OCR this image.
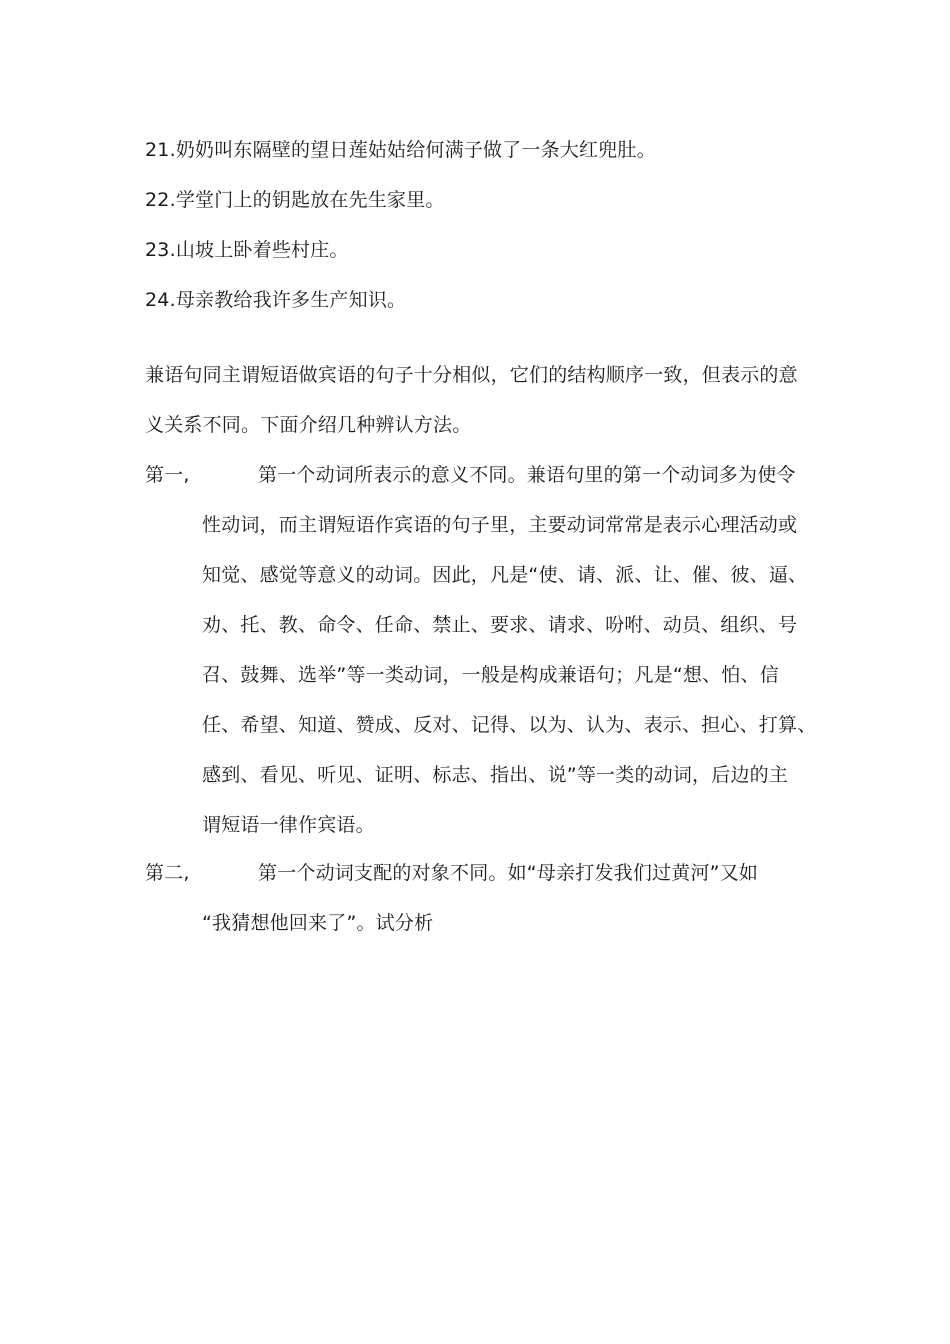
21.奶奶叫东隔壁的望日莲姑姑给何满子做了一条大红兜肚。
22.学堂门上的钥匙放在先生家里。
23.山坡上卧着些村庄。
24.母亲教给我许多生产知识。
兼语句同主谓短语做宾语的句子十分相似，它们的结构顺序一致，但表示的意
义关系不同。下面介绍几种辨认方法。
第一,	第一个动词所表示的意义不同。兼语句里的第一个动词多为使令
性动词，而主谓短语作宾语的句子里，主要动词常常是表示心理活动或
知觉、感觉等意义的动词。因此，凡是“使、请、派、让、催、彼、逼、
劝、托、教、命令、任命、禁止、要求、请求、吩咐、动员、组织、号
召、鼓舞、选举”等一类动词，一般是构成兼语句；凡是“想、怕、信
任、希望、知道、赞成、反对、记得、以为、认为、表示、担心、打算、
感到、看见、听见、证明、标志、指出、说”等一类的动词，后边的主
谓短语一律作宾语。
第二,	第一个动词支配的对象不同。如“母亲打发我们过黄河”又如
“我猜想他回来了”。试分析
